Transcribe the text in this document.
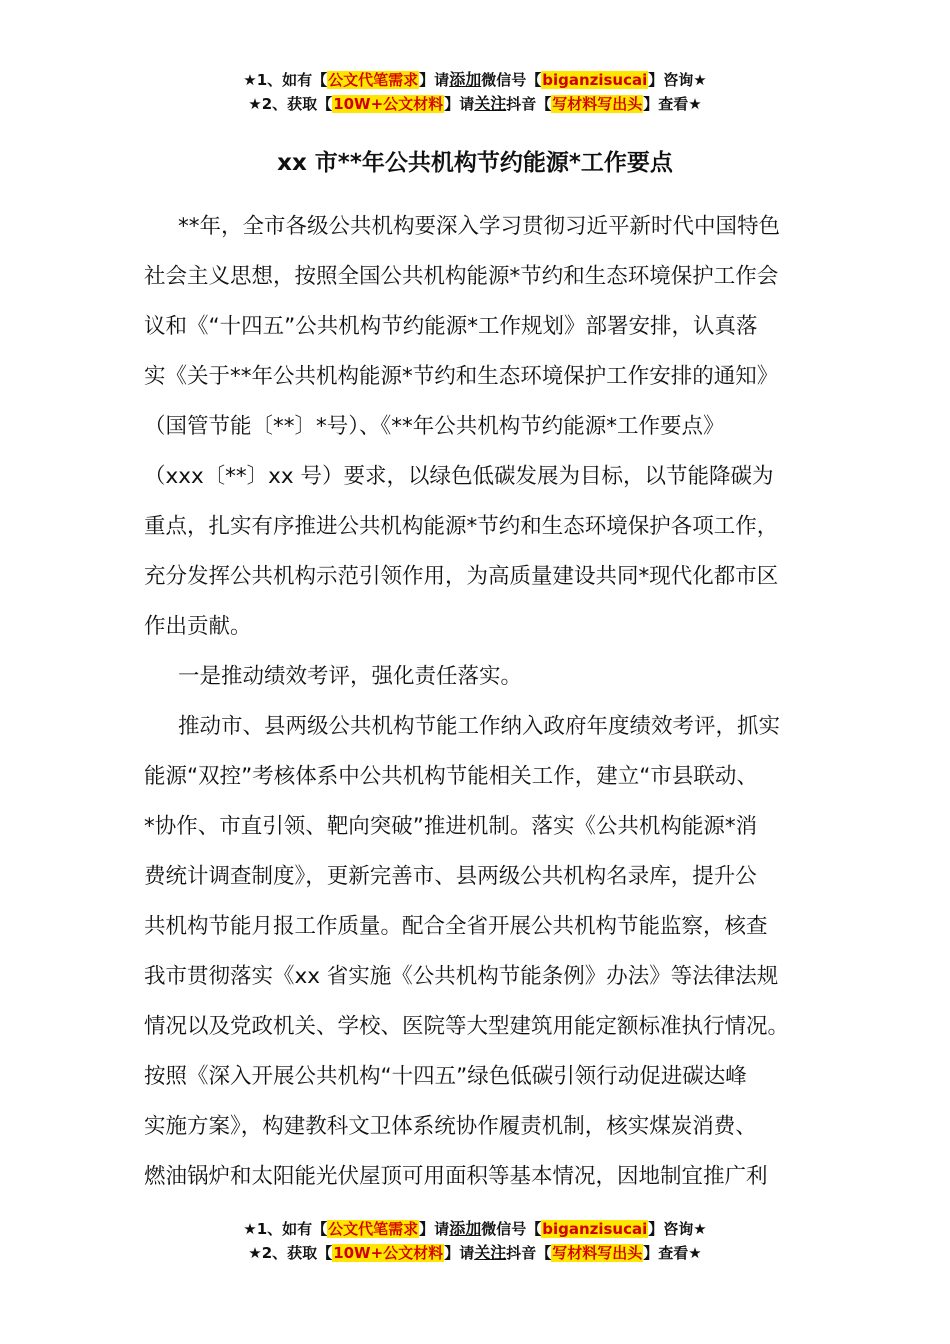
★1、如有【公文代笔需求】请添加微信号【biganzisucai】咨询★
★2、获取【10W+公文材料】请关注抖音【写材料写出头】查看★
xx 市**年公共机构节约能源*工作要点
**年，全市各级公共机构要深入学习贯彻习近平新时代中国特色
社会主义思想，按照全国公共机构能源*节约和生态环境保护工作会
议和《“十四五”公共机构节约能源*工作规划》部署安排，认真落
实《关于**年公共机构能源*节约和生态环境保护工作安排的通知》
（国管节能〔**〕*号）、《**年公共机构节约能源*工作要点》
（xxx〔**〕xx 号）要求，以绿色低碳发展为目标，以节能降碳为
重点，扎实有序推进公共机构能源*节约和生态环境保护各项工作，
充分发挥公共机构示范引领作用，为高质量建设共同*现代化都市区
作出贡献。
一是推动绩效考评，强化责任落实。
推动市、县两级公共机构节能工作纳入政府年度绩效考评，抓实
能源“双控”考核体系中公共机构节能相关工作，建立“市县联动、
*协作、市直引领、靶向突破”推进机制。落实《公共机构能源*消
费统计调查制度》，更新完善市、县两级公共机构名录库，提升公
共机构节能月报工作质量。配合全省开展公共机构节能监察，核查
我市贯彻落实《xx 省实施《公共机构节能条例》办法》等法律法规
情况以及党政机关、学校、医院等大型建筑用能定额标准执行情况。
按照《深入开展公共机构“十四五”绿色低碳引领行动促进碳达峰
实施方案》，构建教科文卫体系统协作履责机制，核实煤炭消费、
燃油锅炉和太阳能光伏屋顶可用面积等基本情况，因地制宜推广利
★1、如有【公文代笔需求】请添加微信号【biganzisucai】咨询★
★2、获取【10W+公文材料】请关注抖音【写材料写出头】查看★
